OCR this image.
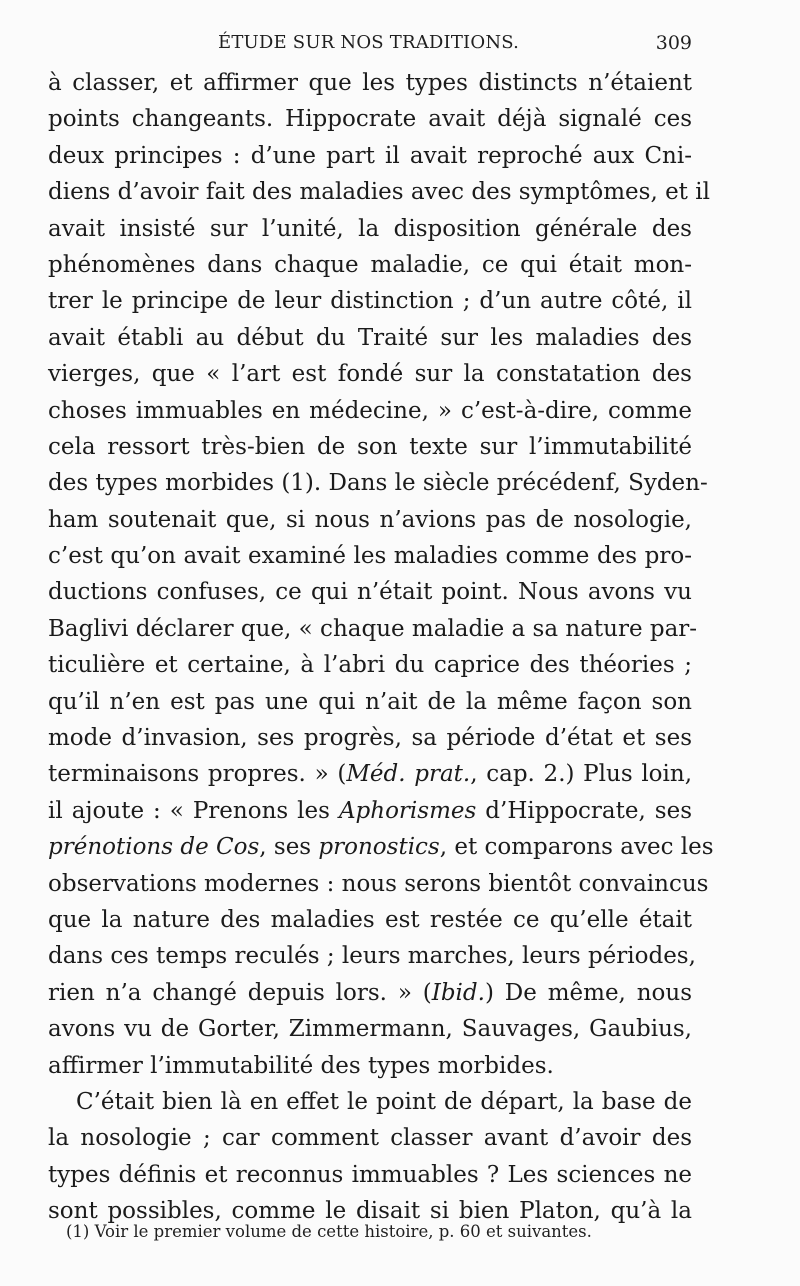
ÉTUDE SUR NOS TRADITIONS.	309
à classer, et affirmer que les types distincts n’étaient
points changeants. Hippocrate avait déjà signalé ces
deux principes : d’une part il avait reproché aux Cni-
diens d’avoir fait des maladies avec des symptômes, et il
avait insisté sur l’unité, la disposition générale des
phénomènes dans chaque maladie, ce qui était mon-
trer le principe de leur distinction ; d’un autre côté, il
avait établi au début du Traité sur les maladies des
vierges, que « l’art est fondé sur la constatation des
choses immuables en médecine, » c’est-à-dire, comme
cela ressort très-bien de son texte sur l’immutabilité
des types morbides (1). Dans le siècle précédenf, Syden-
ham soutenait que, si nous n’avions pas de nosologie,
c’est qu’on avait examiné les maladies comme des pro-
ductions confuses, ce qui n’était point. Nous avons vu
Baglivi déclarer que, « chaque maladie a sa nature par-
ticulière et certaine, à l’abri du caprice des théories ;
qu’il n’en est pas une qui n’ait de la même façon son
mode d’invasion, ses progrès, sa période d’état et ses
terminaisons propres. » (Méd. prat., cap. 2.) Plus loin,
il ajoute : « Prenons les Aphorismes d’Hippocrate, ses
prénotions de Cos, ses pronostics, et comparons avec les
observations modernes : nous serons bientôt convaincus
que la nature des maladies est restée ce qu’elle était
dans ces temps reculés ; leurs marches, leurs périodes,
rien n’a changé depuis lors. » (Ibid.) De même, nous
avons vu de Gorter, Zimmermann, Sauvages, Gaubius,
affirmer l’immutabilité des types morbides.
C’était bien là en effet le point de départ, la base de
la nosologie ; car comment classer avant d’avoir des
types définis et reconnus immuables ? Les sciences ne
sont possibles, comme le disait si bien Platon, qu’à la
(1) Voir le premier volume de cette histoire, p. 60 et suivantes.
